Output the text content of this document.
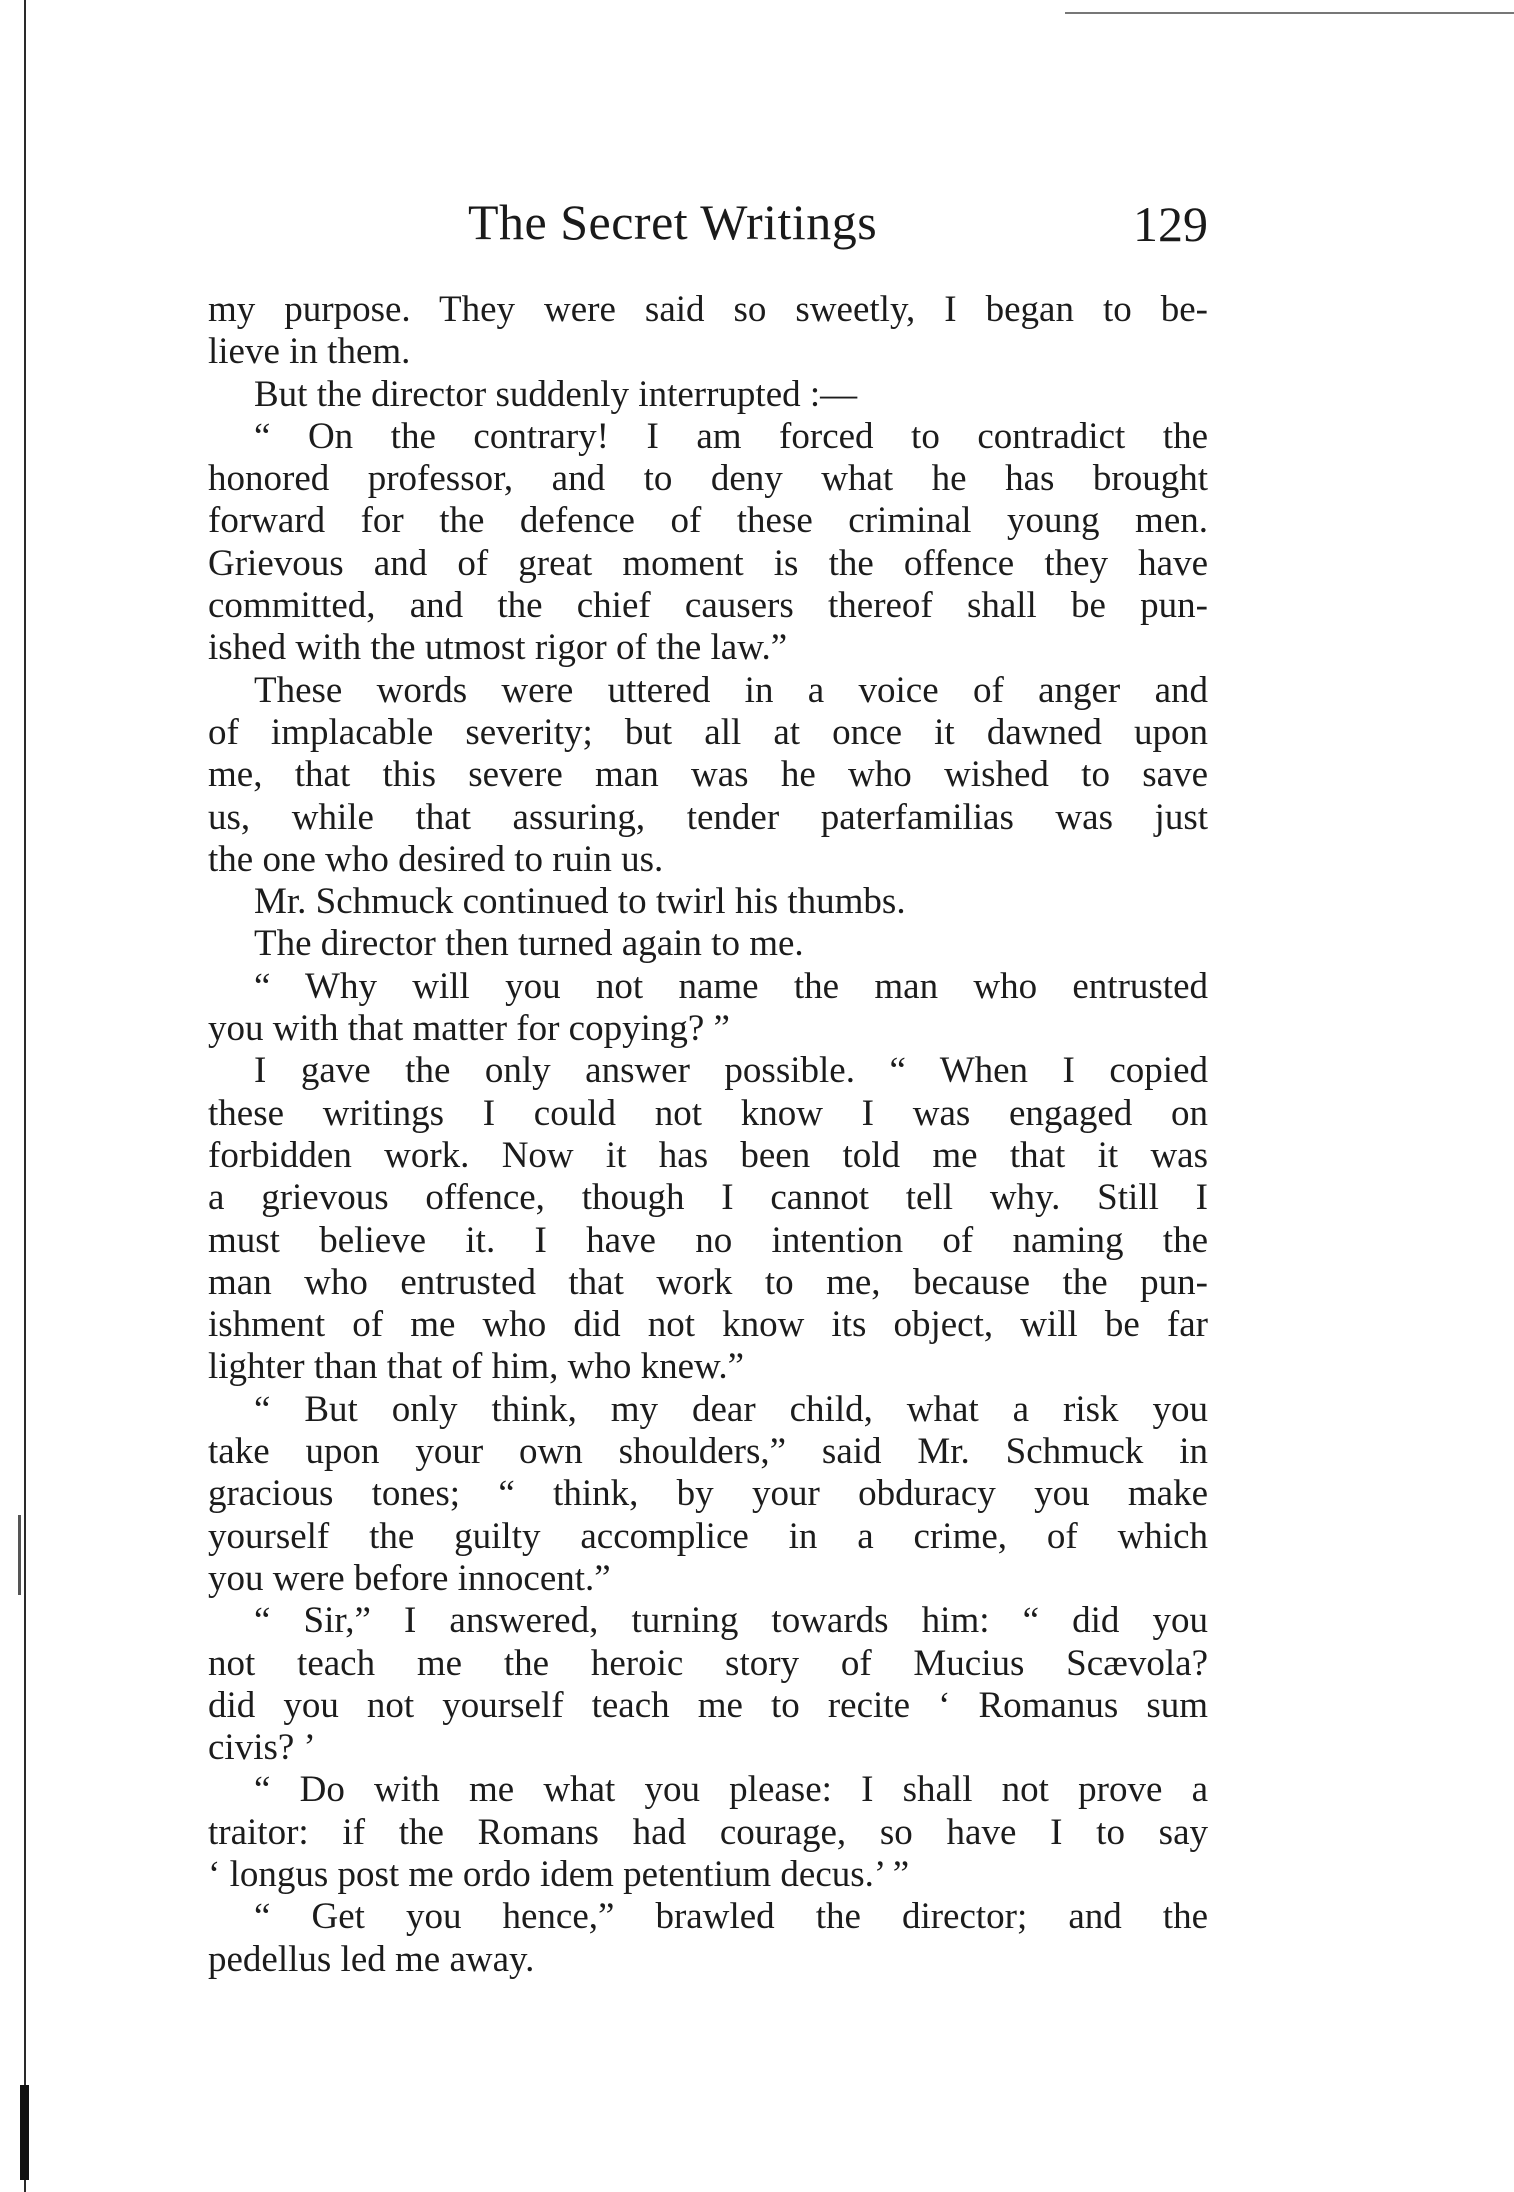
The Secret Writings	129
my purpose. They were said so sweetly, I began to be-
lieve in them.
But the director suddenly interrupted :—
“ On the contrary! I am forced to contradict the
honored professor, and to deny what he has brought
forward for the defence of these criminal young men.
Grievous and of great moment is the offence they have
committed, and the chief causers thereof shall be pun-
ished with the utmost rigor of the law.”
These words were uttered in a voice of anger and
of implacable severity; but all at once it dawned upon
me, that this severe man was he who wished to save
us, while that assuring, tender paterfamilias was just
the one who desired to ruin us.
Mr. Schmuck continued to twirl his thumbs.
The director then turned again to me.
“ Why will you not name the man who entrusted
you with that matter for copying? ”
I gave the only answer possible. “ When I copied
these writings I could not know I was engaged on
forbidden work. Now it has been told me that it was
a grievous offence, though I cannot tell why. Still I
must believe it. I have no intention of naming the
man who entrusted that work to me, because the pun-
ishment of me who did not know its object, will be far
lighter than that of him, who knew.”
“ But only think, my dear child, what a risk you
take upon your own shoulders,” said Mr. Schmuck in
gracious tones; “ think, by your obduracy you make
yourself the guilty accomplice in a crime, of which
you were before innocent.”
“ Sir,” I answered, turning towards him: “ did you
not teach me the heroic story of Mucius Scævola?
did you not yourself teach me to recite ‘ Romanus sum
civis? ’
“ Do with me what you please: I shall not prove a
traitor: if the Romans had courage, so have I to say
‘ longus post me ordo idem petentium decus.’ ”
“ Get you hence,” brawled the director; and the
pedellus led me away.
